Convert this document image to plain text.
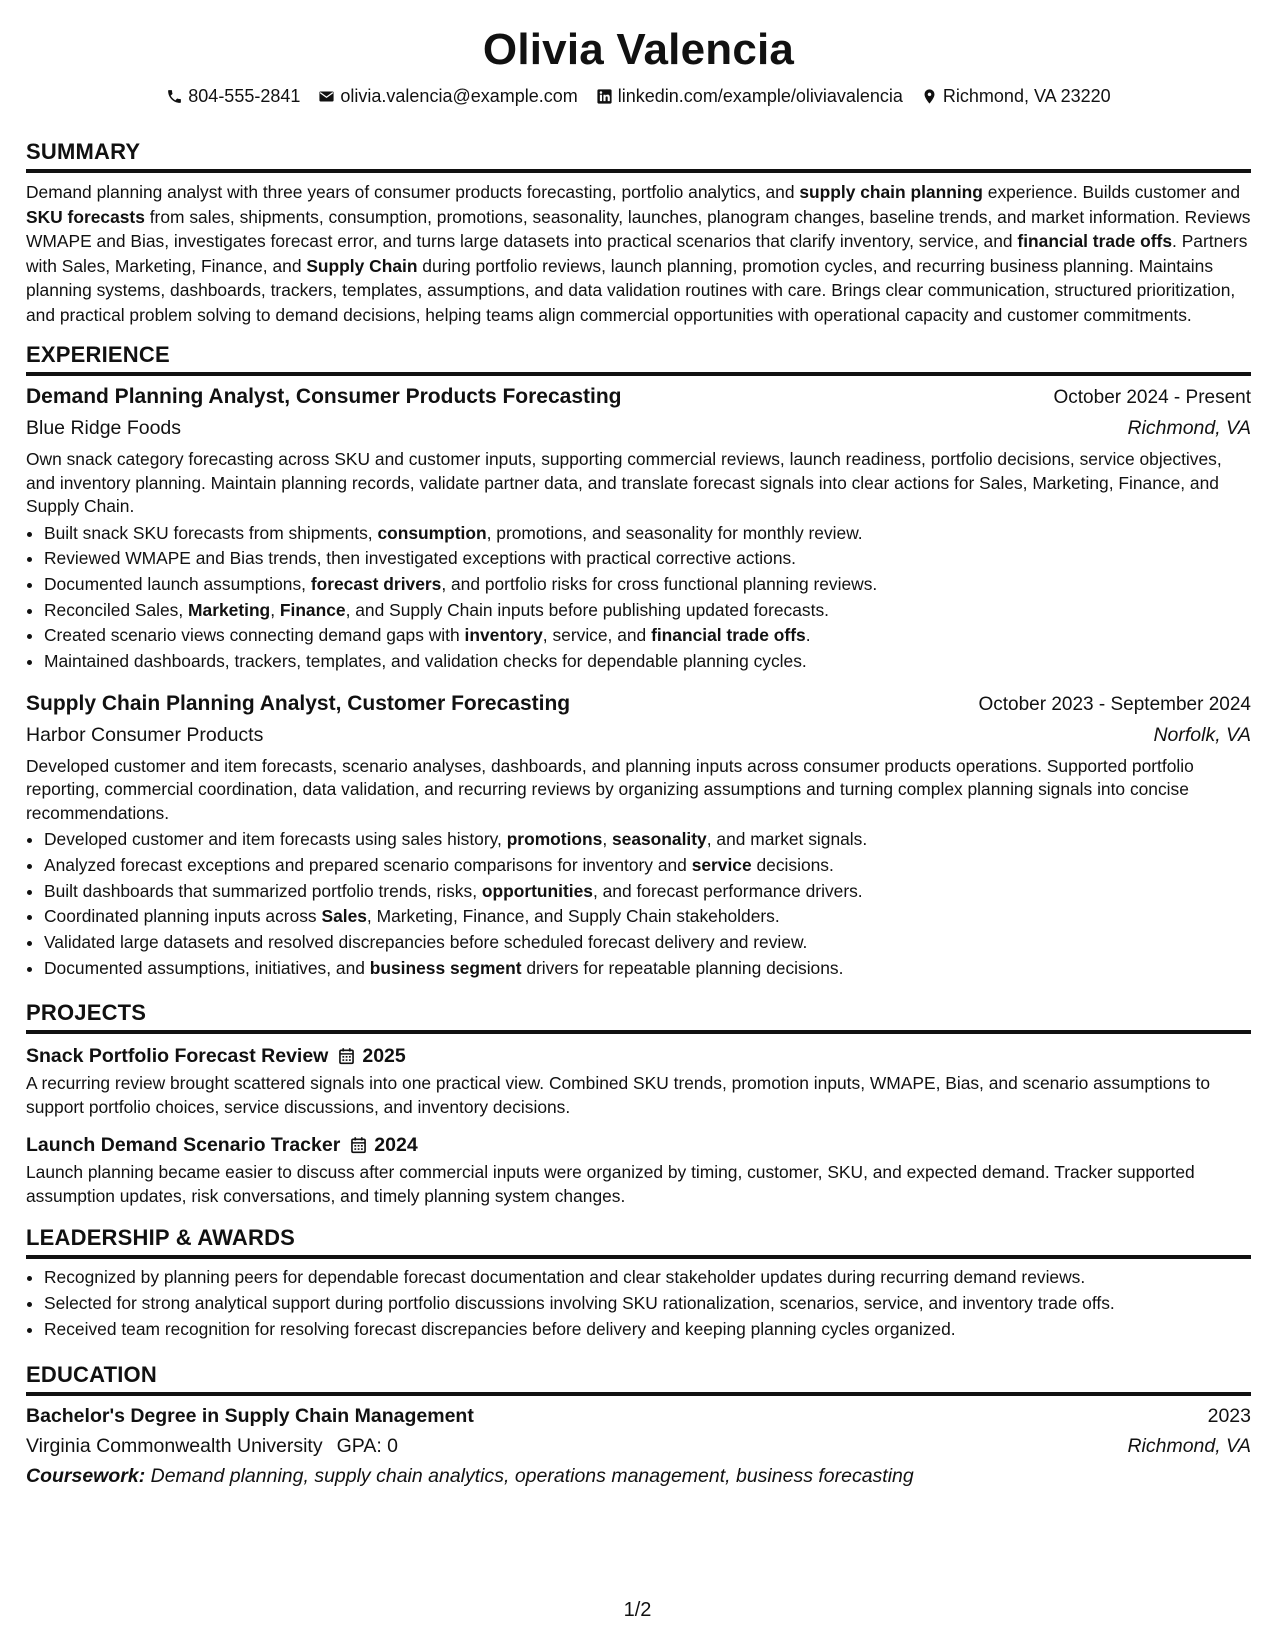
Olivia Valencia
804-555-2841 olivia.valencia@example.com linkedin.com/example/oliviavalencia Richmond, VA 23220
SUMMARY
Demand planning analyst with three years of consumer products forecasting, portfolio analytics, and supply chain planning experience. Builds customer and SKU forecasts from sales, shipments, consumption, promotions, seasonality, launches, planogram changes, baseline trends, and market information. Reviews WMAPE and Bias, investigates forecast error, and turns large datasets into practical scenarios that clarify inventory, service, and financial trade offs. Partners with Sales, Marketing, Finance, and Supply Chain during portfolio reviews, launch planning, promotion cycles, and recurring business planning. Maintains planning systems, dashboards, trackers, templates, assumptions, and data validation routines with care. Brings clear communication, structured prioritization, and practical problem solving to demand decisions, helping teams align commercial opportunities with operational capacity and customer commitments.
EXPERIENCE
Demand Planning Analyst, Consumer Products Forecasting	October 2024 - Present
Blue Ridge Foods	Richmond, VA
Own snack category forecasting across SKU and customer inputs, supporting commercial reviews, launch readiness, portfolio decisions, service objectives, and inventory planning. Maintain planning records, validate partner data, and translate forecast signals into clear actions for Sales, Marketing, Finance, and Supply Chain.
• Built snack SKU forecasts from shipments, consumption, promotions, and seasonality for monthly review.
• Reviewed WMAPE and Bias trends, then investigated exceptions with practical corrective actions.
• Documented launch assumptions, forecast drivers, and portfolio risks for cross functional planning reviews.
• Reconciled Sales, Marketing, Finance, and Supply Chain inputs before publishing updated forecasts.
• Created scenario views connecting demand gaps with inventory, service, and financial trade offs.
• Maintained dashboards, trackers, templates, and validation checks for dependable planning cycles.
Supply Chain Planning Analyst, Customer Forecasting	October 2023 - September 2024
Harbor Consumer Products	Norfolk, VA
Developed customer and item forecasts, scenario analyses, dashboards, and planning inputs across consumer products operations. Supported portfolio reporting, commercial coordination, data validation, and recurring reviews by organizing assumptions and turning complex planning signals into concise recommendations.
• Developed customer and item forecasts using sales history, promotions, seasonality, and market signals.
• Analyzed forecast exceptions and prepared scenario comparisons for inventory and service decisions.
• Built dashboards that summarized portfolio trends, risks, opportunities, and forecast performance drivers.
• Coordinated planning inputs across Sales, Marketing, Finance, and Supply Chain stakeholders.
• Validated large datasets and resolved discrepancies before scheduled forecast delivery and review.
• Documented assumptions, initiatives, and business segment drivers for repeatable planning decisions.
PROJECTS
Snack Portfolio Forecast Review 2025
A recurring review brought scattered signals into one practical view. Combined SKU trends, promotion inputs, WMAPE, Bias, and scenario assumptions to support portfolio choices, service discussions, and inventory decisions.
Launch Demand Scenario Tracker 2024
Launch planning became easier to discuss after commercial inputs were organized by timing, customer, SKU, and expected demand. Tracker supported assumption updates, risk conversations, and timely planning system changes.
LEADERSHIP & AWARDS
• Recognized by planning peers for dependable forecast documentation and clear stakeholder updates during recurring demand reviews.
• Selected for strong analytical support during portfolio discussions involving SKU rationalization, scenarios, service, and inventory trade offs.
• Received team recognition for resolving forecast discrepancies before delivery and keeping planning cycles organized.
EDUCATION
Bachelor's Degree in Supply Chain Management	2023
Virginia Commonwealth University GPA: 0	Richmond, VA
Coursework: Demand planning, supply chain analytics, operations management, business forecasting
1/2
